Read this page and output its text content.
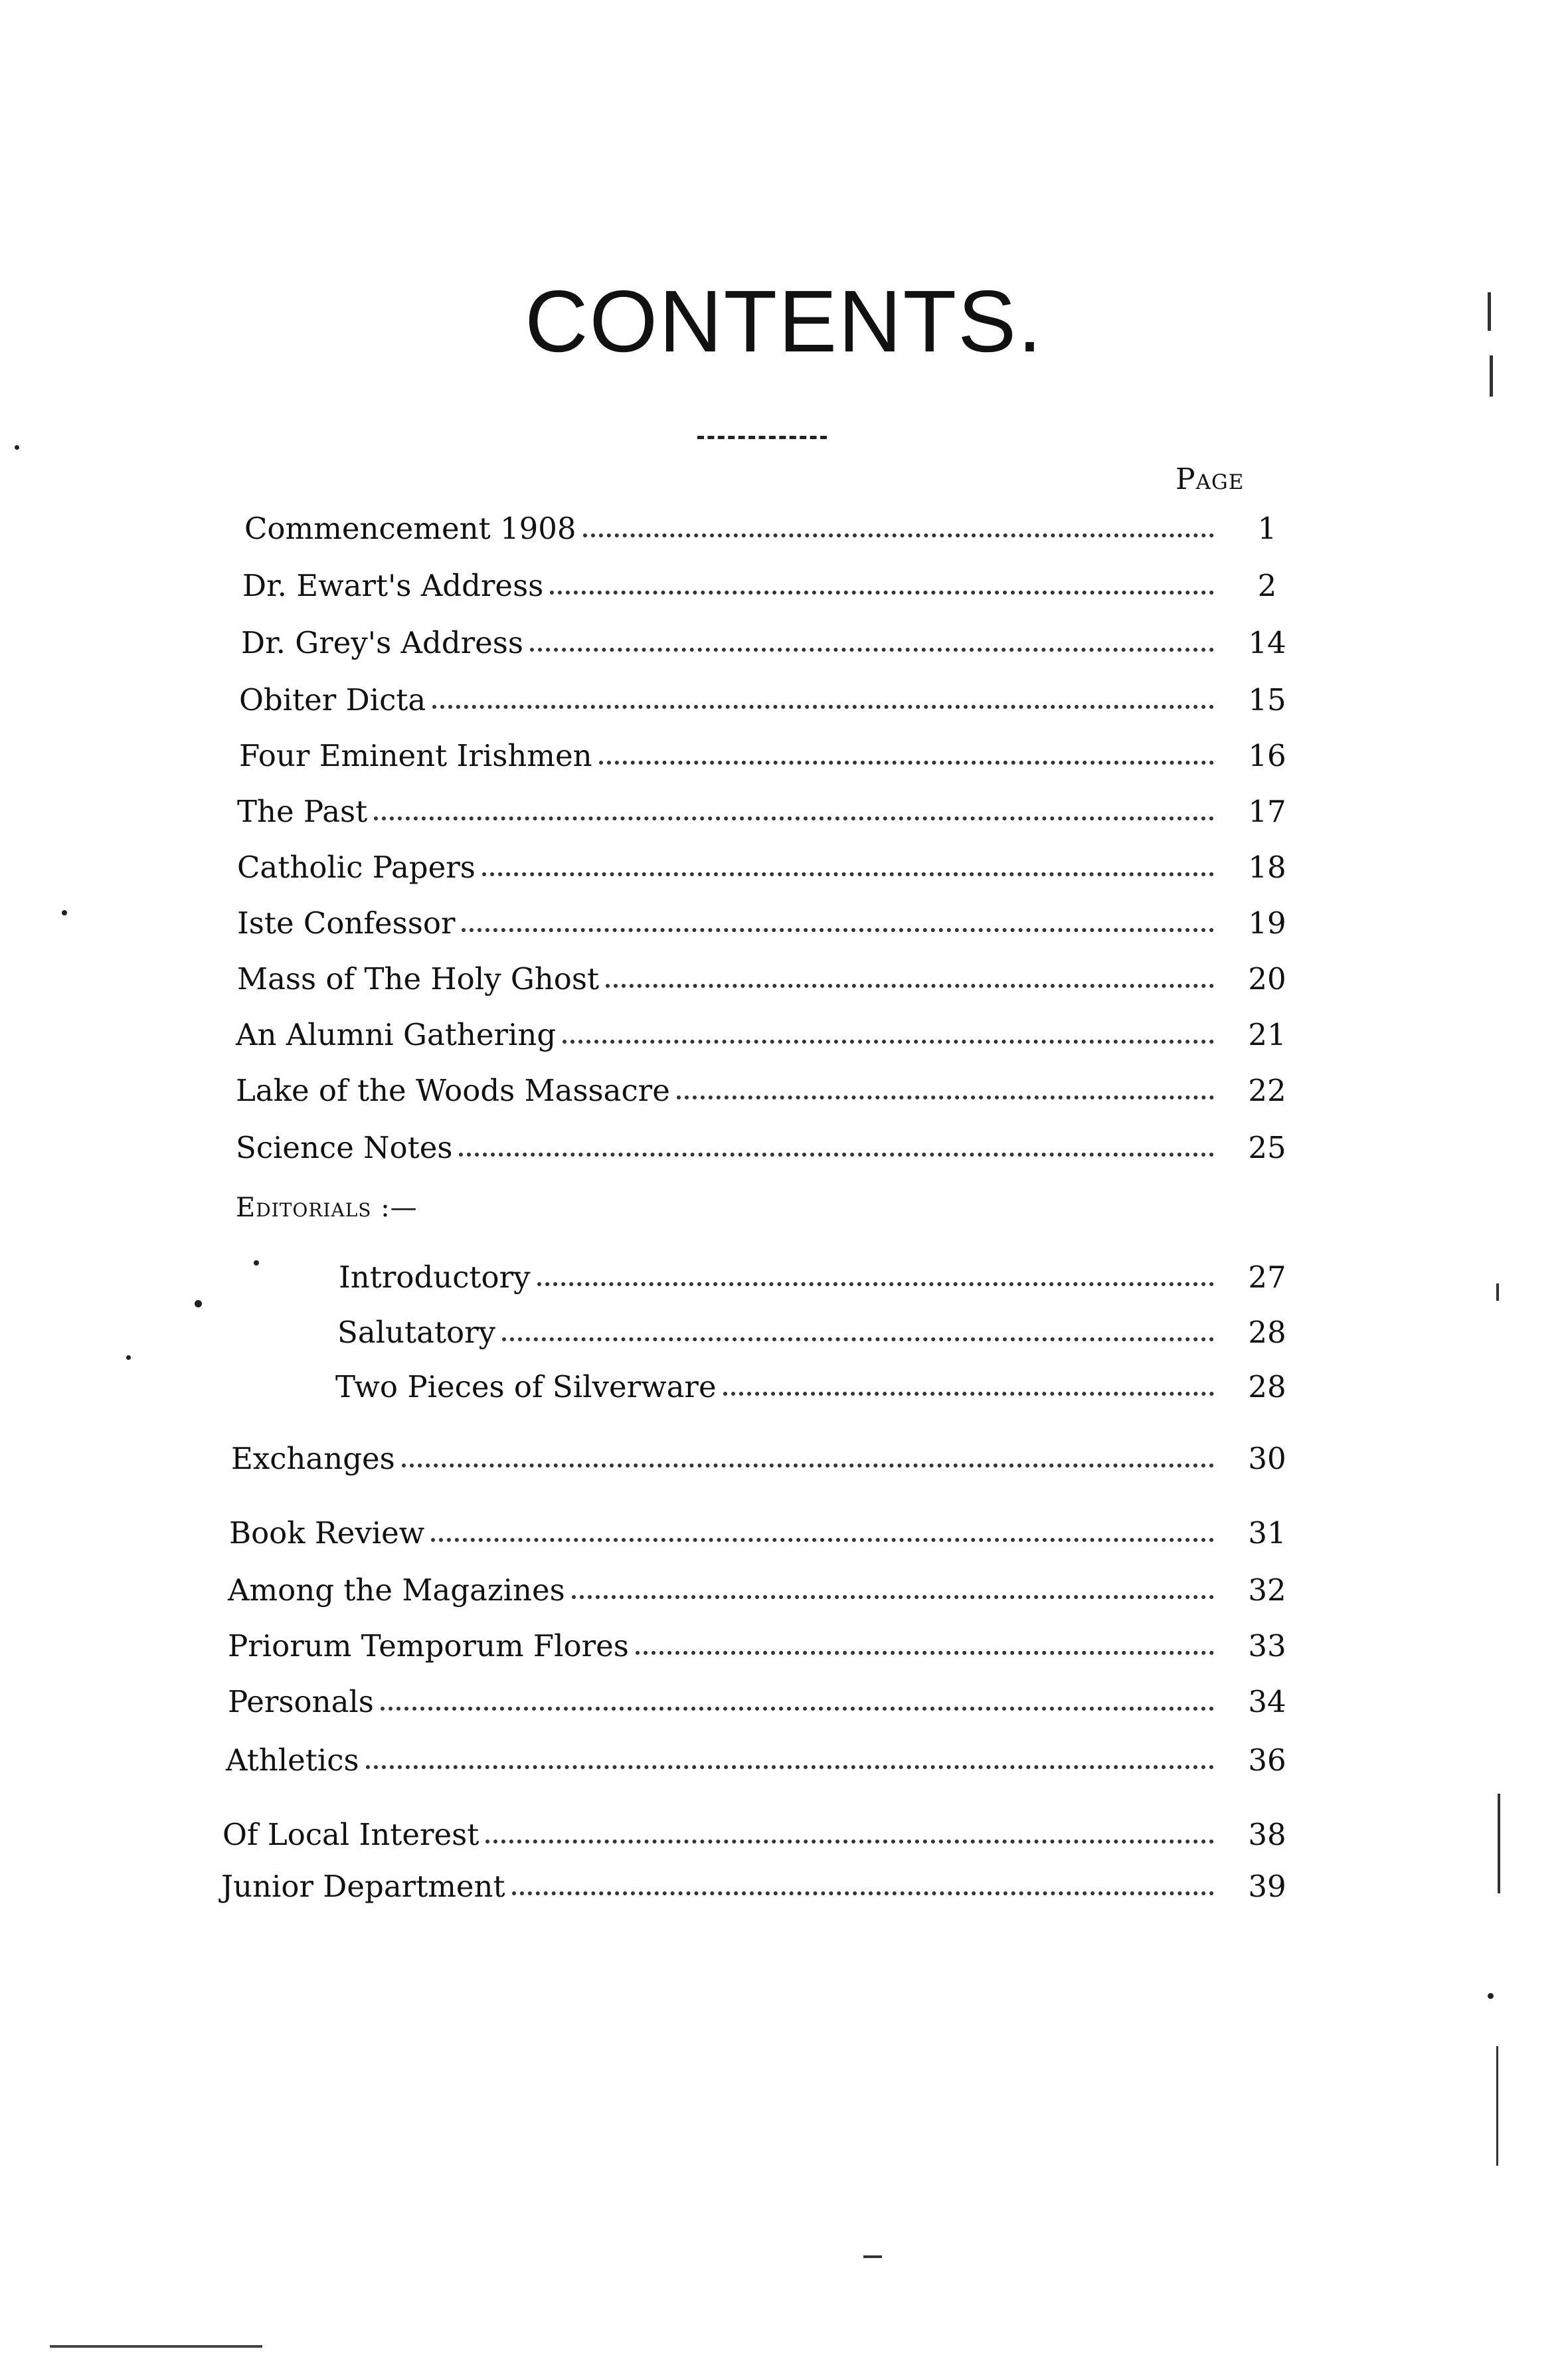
CONTENTS.
Page
Commencement 1908	1
Dr. Ewart's Address	2
Dr. Grey's Address	14
Obiter Dicta	15
Four Eminent Irishmen	16
The Past	17
Catholic Papers	18
Iste Confessor	19
Mass of The Holy Ghost	20
An Alumni Gathering	21
Lake of the Woods Massacre	22
Science Notes	25
Editorials :—
Introductory	27
Salutatory	28
Two Pieces of Silverware	28
Exchanges	30
Book Review	31
Among the Magazines	32
Priorum Temporum Flores	33
Personals	34
Athletics	36
Of Local Interest	38
Junior Department	39
